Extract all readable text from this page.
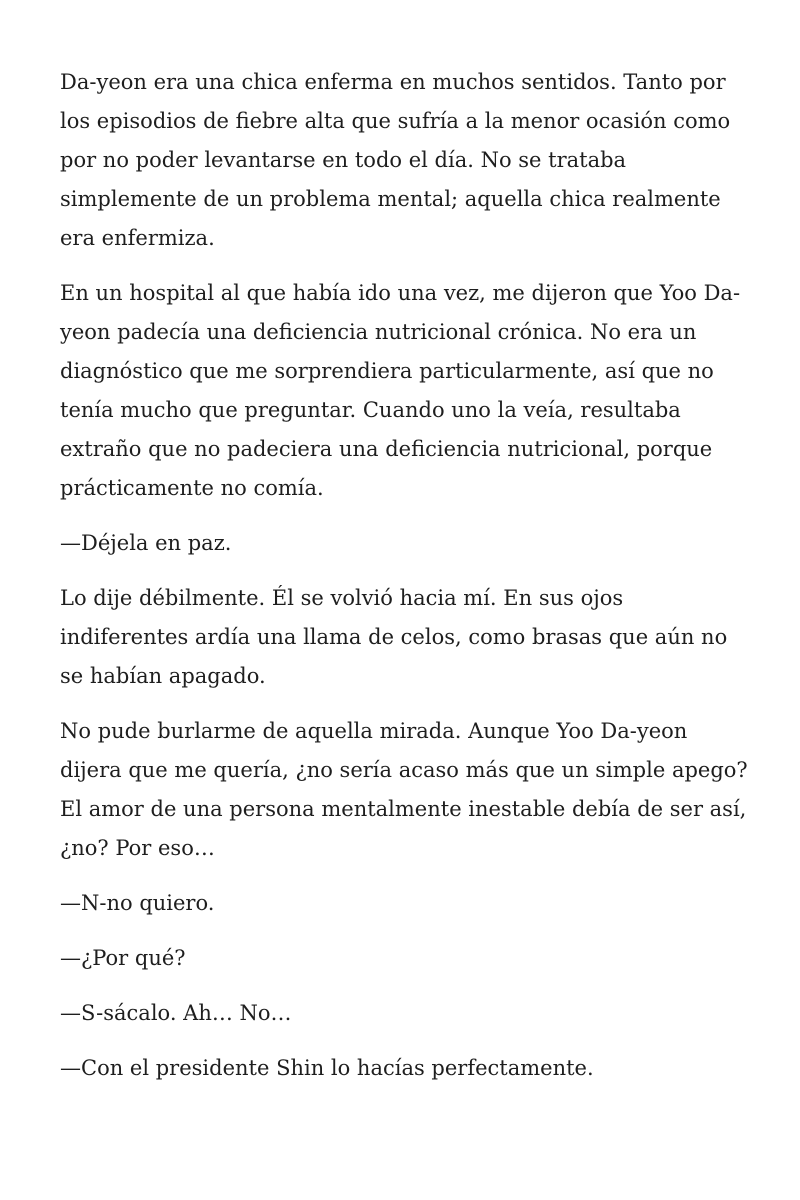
Da-yeon era una chica enferma en muchos sentidos. Tanto por los episodios de fiebre alta que sufría a la menor ocasión como por no poder levantarse en todo el día. No se trataba simplemente de un problema mental; aquella chica realmente era enfermiza.

En un hospital al que había ido una vez, me dijeron que Yoo Da-yeon padecía una deficiencia nutricional crónica. No era un diagnóstico que me sorprendiera particularmente, así que no tenía mucho que preguntar. Cuando uno la veía, resultaba extraño que no padeciera una deficiencia nutricional, porque prácticamente no comía.

—Déjela en paz.

Lo dije débilmente. Él se volvió hacia mí. En sus ojos indiferentes ardía una llama de celos, como brasas que aún no se habían apagado.

No pude burlarme de aquella mirada. Aunque Yoo Da-yeon dijera que me quería, ¿no sería acaso más que un simple apego? El amor de una persona mentalmente inestable debía de ser así, ¿no? Por eso…

—N-no quiero.

—¿Por qué?

—S-sácalo. Ah… No…

—Con el presidente Shin lo hacías perfectamente.
